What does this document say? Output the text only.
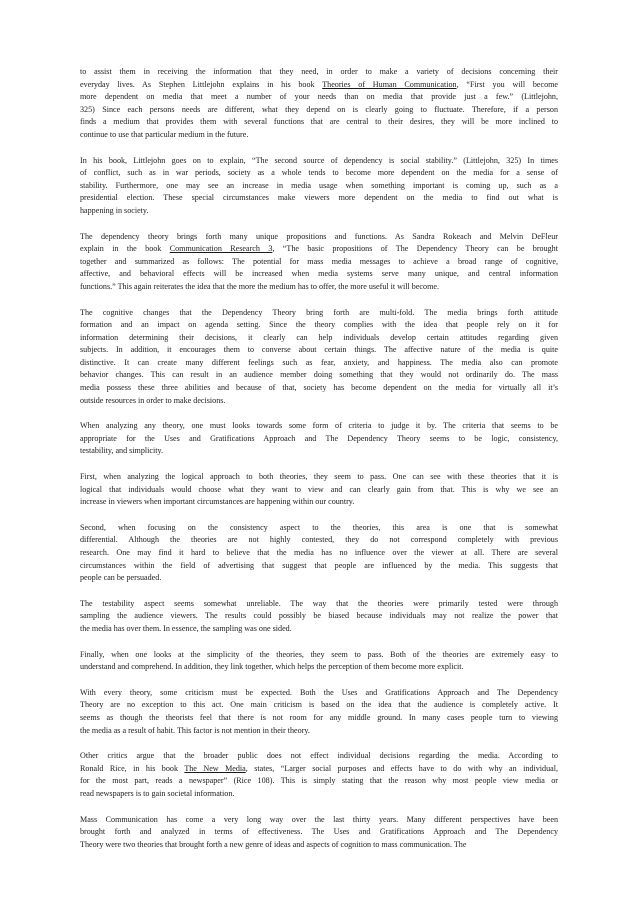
to assist them in receiving the information that they need, in order to make a variety of decisions concerning their
everyday lives. As Stephen Littlejohn explains in his book Theories of Human Communication, “First you will become
more dependent on media that meet a number of your needs than on media that provide just a few.” (Littlejohn,
325) Since each persons needs are different, what they depend on is clearly going to fluctuate. Therefore, if a person
finds a medium that provides them with several functions that are central to their desires, they will be more inclined to
continue to use that particular medium in the future.
In his book, Littlejohn goes on to explain, “The second source of dependency is social stability.” (Littlejohn, 325) In times
of conflict, such as in war periods, society as a whole tends to become more dependent on the media for a sense of
stability. Furthermore, one may see an increase in media usage when something important is coming up, such as a
presidential election. These special circumstances make viewers more dependent on the media to find out what is
happening in society.
The dependency theory brings forth many unique propositions and functions. As Sandra Rokeach and Melvin DeFleur
explain in the book Communication Research 3, “The basic propositions of The Dependency Theory can be brought
together and summarized as follows: The potential for mass media messages to achieve a broad range of cognitive,
affective, and behavioral effects will be increased when media systems serve many unique, and central information
functions.” This again reiterates the idea that the more the medium has to offer, the more useful it will become.
The cognitive changes that the Dependency Theory bring forth are multi-fold. The media brings forth attitude
formation and an impact on agenda setting. Since the theory complies with the idea that people rely on it for
information determining their decisions, it clearly can help individuals develop certain attitudes regarding given
subjects. In addition, it encourages them to converse about certain things. The affective nature of the media is quite
distinctive. It can create many different feelings such as fear, anxiety, and happiness. The media also can promote
behavior changes. This can result in an audience member doing something that they would not ordinarily do. The mass
media possess these three abilities and because of that, society has become dependent on the media for virtually all it’s
outside resources in order to make decisions.
When analyzing any theory, one must looks towards some form of criteria to judge it by. The criteria that seems to be
appropriate for the Uses and Gratifications Approach and The Dependency Theory seems to be logic, consistency,
testability, and simplicity.
First, when analyzing the logical approach to both theories, they seem to pass. One can see with these theories that it is
logical that individuals would choose what they want to view and can clearly gain from that. This is why we see an
increase in viewers when important circumstances are happening within our country.
Second, when focusing on the consistency aspect to the theories, this area is one that is somewhat
differential. Although the theories are not highly contested, they do not correspond completely with previous
research. One may find it hard to believe that the media has no influence over the viewer at all. There are several
circumstances within the field of advertising that suggest that people are influenced by the media. This suggests that
people can be persuaded.
The testability aspect seems somewhat unreliable. The way that the theories were primarily tested were through
sampling the audience viewers. The results could possibly be biased because individuals may not realize the power that
the media has over them. In essence, the sampling was one sided.
Finally, when one looks at the simplicity of the theories, they seem to pass. Both of the theories are extremely easy to
understand and comprehend. In addition, they link together, which helps the perception of them become more explicit.
With every theory, some criticism must be expected. Both the Uses and Gratifications Approach and The Dependency
Theory are no exception to this act. One main criticism is based on the idea that the audience is completely active. It
seems as though the theorists feel that there is not room for any middle ground. In many cases people turn to viewing
the media as a result of habit. This factor is not mention in their theory.
Other critics argue that the broader public does not effect individual decisions regarding the media. According to
Ronald Rice, in his book The New Media, states, “Larger social purposes and effects have to do with why an individual,
for the most part, reads a newspaper” (Rice 108). This is simply stating that the reason why most people view media or
read newspapers is to gain societal information.
Mass Communication has come a very long way over the last thirty years. Many different perspectives have been
brought forth and analyzed in terms of effectiveness. The Uses and Gratifications Approach and The Dependency
Theory were two theories that brought forth a new genre of ideas and aspects of cognition to mass communication. The
